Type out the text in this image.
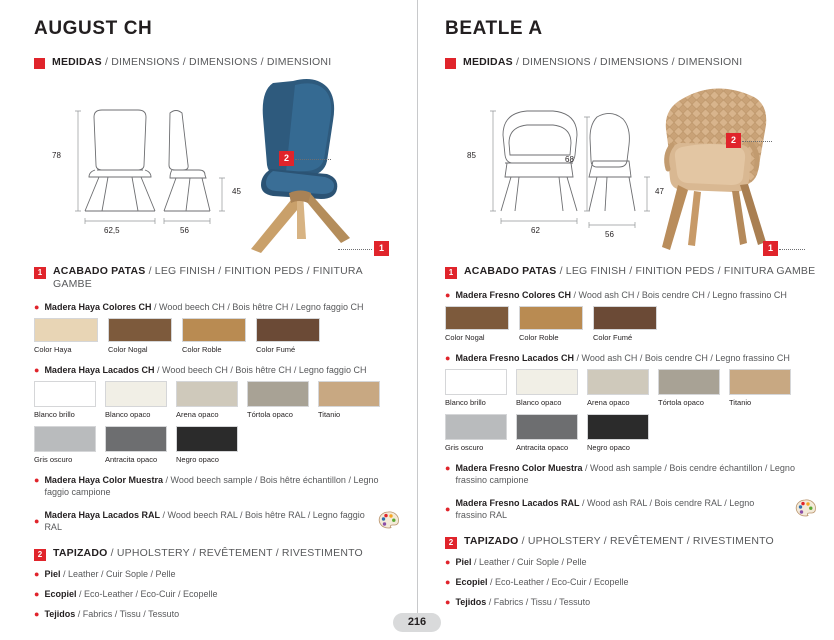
AUGUST CH
MEDIDAS / DIMENSIONS / DIMENSIONS / DIMENSIONI
78
45
62,5	56
2
1
1	ACABADO PATAS / LEG FINISH / FINITION PEDS / FINITURA GAMBE
● Madera Haya Colores CH / Wood beech CH / Bois hêtre CH / Legno faggio CH
Color Haya	Color Nogal	Color Roble	Color Fumé
● Madera Haya Lacados CH / Wood beech CH / Bois hêtre CH / Legno faggio CH
Blanco brillo	Blanco opaco	Arena opaco	Tórtola opaco	Titanio
Gris oscuro	Antracita opaco	Negro opaco
● Madera Haya Color Muestra / Wood beech sample / Bois hêtre échantillon / Legno faggio campione
●
Madera Haya Lacados RAL / Wood beech RAL / Bois hêtre RAL / Legno faggio RAL
2	TAPIZADO / UPHOLSTERY / REVÊTEMENT / RIVESTIMENTO
● Piel / Leather / Cuir Sople / Pelle
● Ecopiel / Eco-Leather / Eco-Cuir / Ecopelle
● Tejidos / Fabrics / Tissu / Tessuto
BEATLE A
MEDIDAS / DIMENSIONS / DIMENSIONS / DIMENSIONI
85	68
47
62	56
2
1
1	ACABADO PATAS / LEG FINISH / FINITION PEDS / FINITURA GAMBE
● Madera Fresno Colores CH / Wood ash CH / Bois cendre CH / Legno frassino CH
Color Nogal	Color Roble	Color Fumé
● Madera Fresno Lacados CH / Wood ash CH / Bois cendre CH / Legno frassino CH
Blanco brillo	Blanco opaco	Arena opaco	Tórtola opaco	Titanio
Gris oscuro	Antracita opaco	Negro opaco
● Madera Fresno Color Muestra / Wood ash sample / Bois cendre échantillon / Legno frassino campione
●
Madera Fresno Lacados RAL / Wood ash RAL / Bois cendre RAL / Legno frassino RAL
2	TAPIZADO / UPHOLSTERY / REVÊTEMENT / RIVESTIMENTO
● Piel / Leather / Cuir Sople / Pelle
● Ecopiel / Eco-Leather / Eco-Cuir / Ecopelle
● Tejidos / Fabrics / Tissu / Tessuto
216
